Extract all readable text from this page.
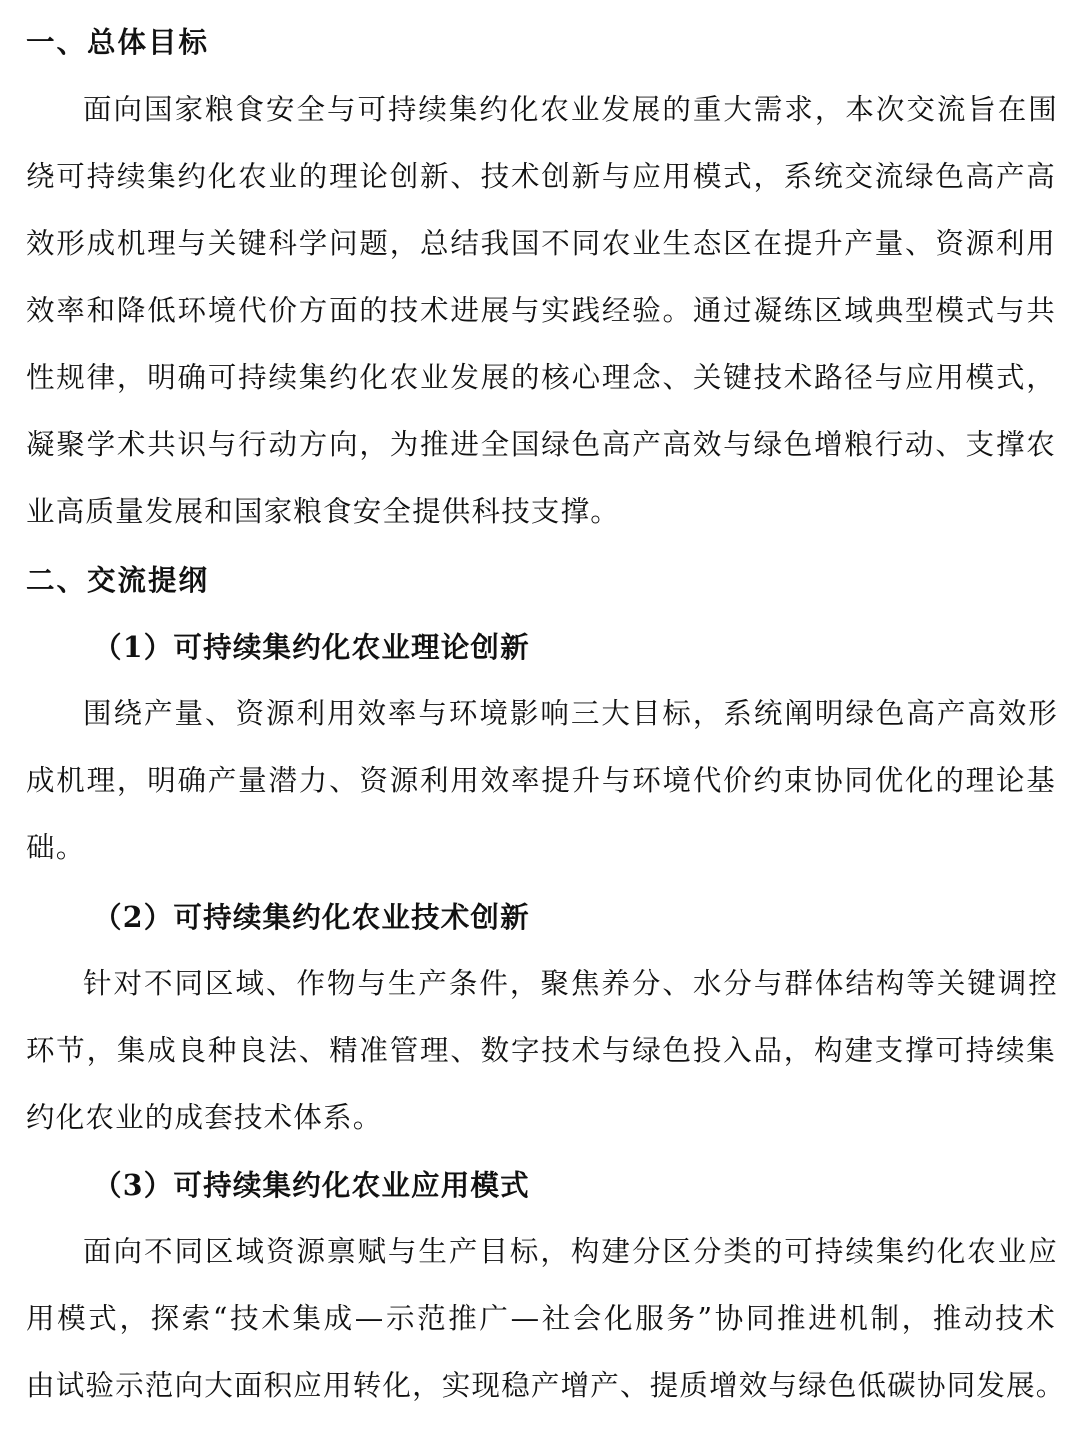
一、总体目标
面向国家粮食安全与可持续集约化农业发展的重大需求，本次交流旨在围
绕可持续集约化农业的理论创新、技术创新与应用模式，系统交流绿色高产高
效形成机理与关键科学问题，总结我国不同农业生态区在提升产量、资源利用
效率和降低环境代价方面的技术进展与实践经验。通过凝练区域典型模式与共
性规律，明确可持续集约化农业发展的核心理念、关键技术路径与应用模式，
凝聚学术共识与行动方向，为推进全国绿色高产高效与绿色增粮行动、支撑农
业高质量发展和国家粮食安全提供科技支撑。
二、交流提纲
（1）可持续集约化农业理论创新
围绕产量、资源利用效率与环境影响三大目标，系统阐明绿色高产高效形
成机理，明确产量潜力、资源利用效率提升与环境代价约束协同优化的理论基
础。
（2）可持续集约化农业技术创新
针对不同区域、作物与生产条件，聚焦养分、水分与群体结构等关键调控
环节，集成良种良法、精准管理、数字技术与绿色投入品，构建支撑可持续集
约化农业的成套技术体系。
（3）可持续集约化农业应用模式
面向不同区域资源禀赋与生产目标，构建分区分类的可持续集约化农业应
用模式，探索“技术集成—示范推广—社会化服务”协同推进机制，推动技术
由试验示范向大面积应用转化，实现稳产增产、提质增效与绿色低碳协同发展。
